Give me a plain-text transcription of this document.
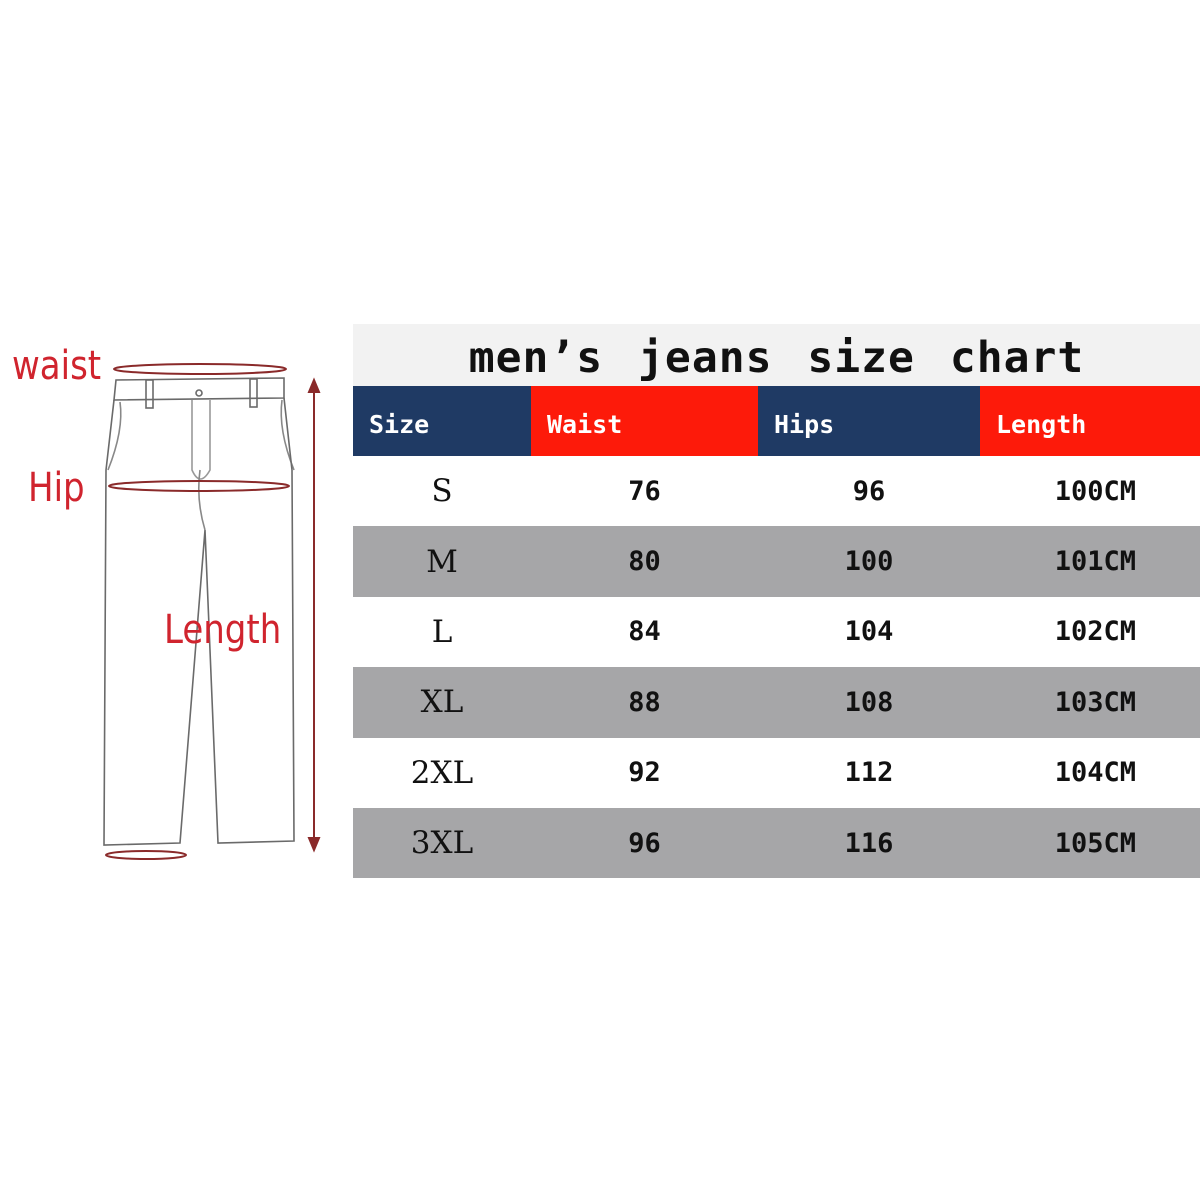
waist
Hip
Length
men’s jeans size chart
Size	Waist	Hips	Length
S	76	96	100CM
M	80	100	101CM
L	84	104	102CM
XL	88	108	103CM
2XL	92	112	104CM
3XL	96	116	105CM
